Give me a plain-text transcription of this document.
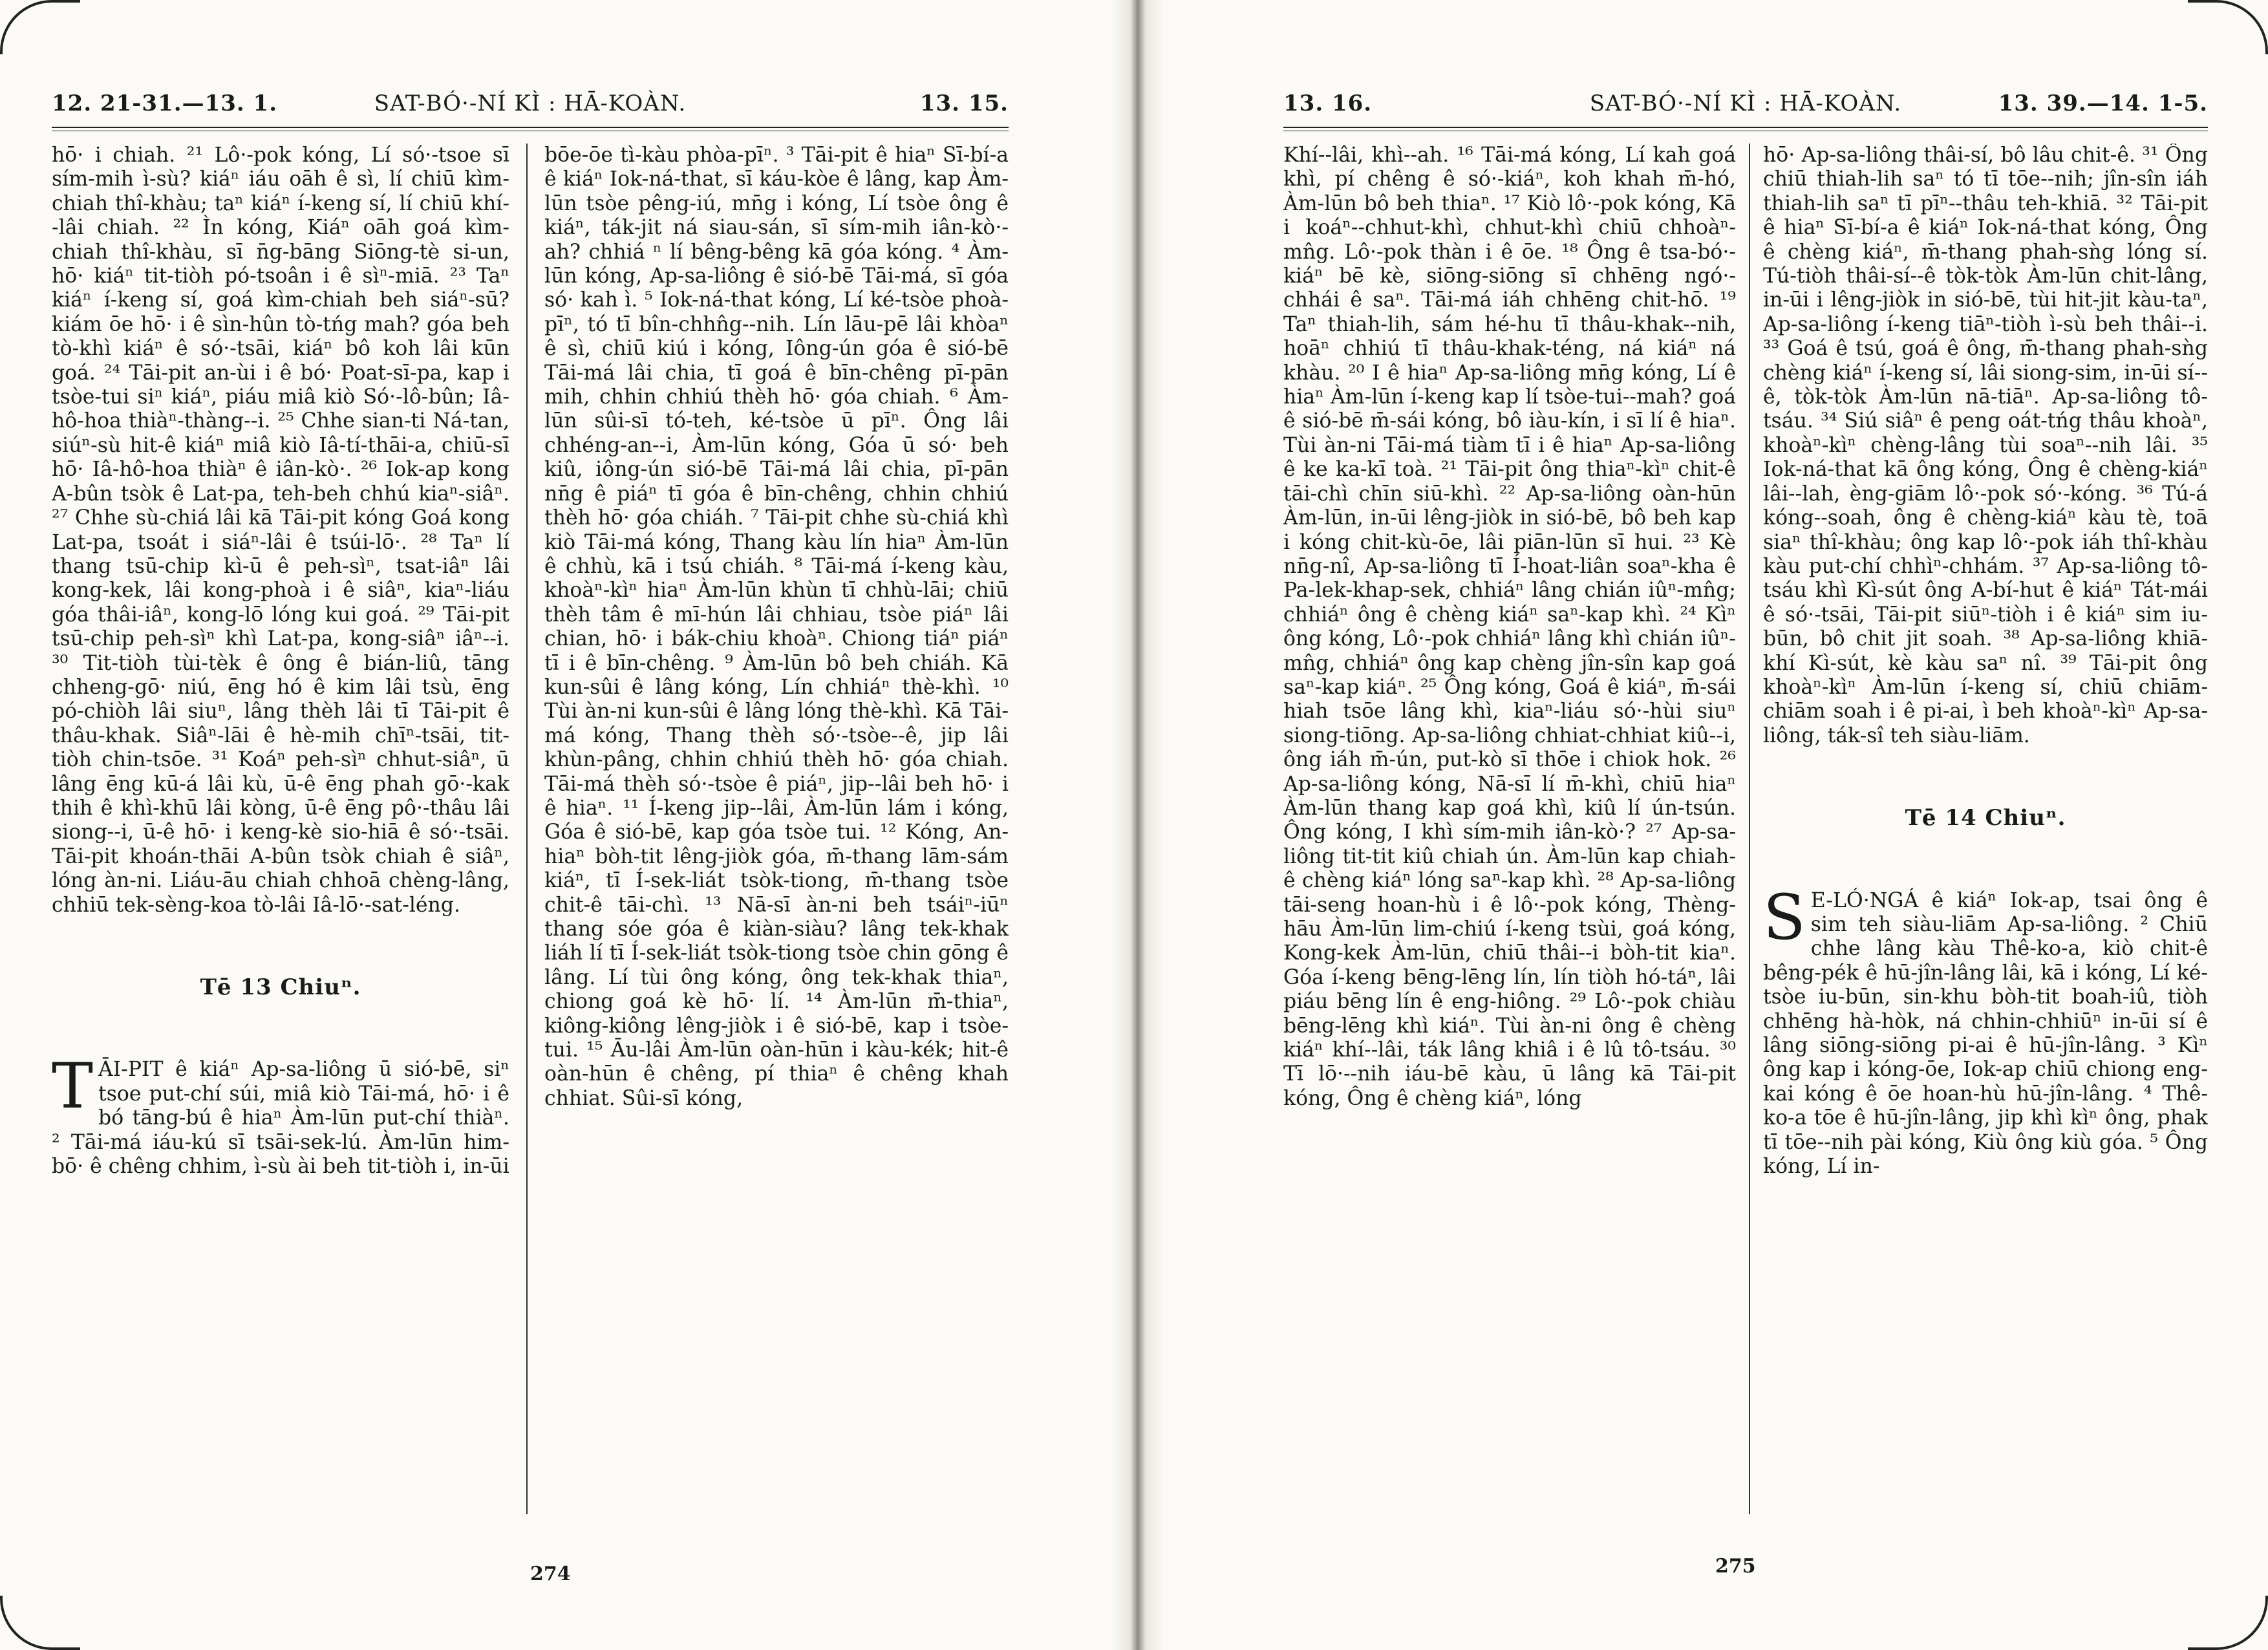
12. 21-31.—13. 1.	SAT-BÓ·-NÍ KÌ : HĀ-KOÀN.	13. 15.

hō· i chiah. ²¹ Lô·-pok kóng, Lí só·-tsoe sī sím-mih ì-sù? kiáⁿ iáu oāh ê sì, lí chiū kìm-chiah thî-khàu; taⁿ kiáⁿ í-keng sí, lí chiū khí--lâi chiah. ²² Ìn kóng, Kiáⁿ oāh goá kìm-chiah thî-khàu, sī n̄g-bāng Siōng-tè si-un, hō· kiáⁿ tit-tiòh pó-tsoân i ê sìⁿ-miā. ²³ Taⁿ kiáⁿ í-keng sí, goá kìm-chiah beh siáⁿ-sū? kiám ōe hō· i ê sìn-hûn tò-tńg mah? góa beh tò-khì kiáⁿ ê só·-tsāi, kiáⁿ bô koh lâi kūn goá. ²⁴ Tāi-pit an-ùi i ê bó· Poat-sī-pa, kap i tsòe-tui siⁿ kiáⁿ, piáu miâ kiò Só·-lô-bûn; Iâ-hô-hoa thiàⁿ-thàng--i. ²⁵ Chhe sian-ti Ná-tan, siúⁿ-sù hit-ê kiáⁿ miâ kiò Iâ-tí-thāi-a, chiū-sī hō· Iâ-hô-hoa thiàⁿ ê iân-kò·. ²⁶ Iok-ap kong A-bûn tsòk ê Lat-pa, teh-beh chhú kiaⁿ-siâⁿ. ²⁷ Chhe sù-chiá lâi kā Tāi-pit kóng Goá kong Lat-pa, tsoát i siáⁿ-lâi ê tsúi-lō·. ²⁸ Taⁿ lí thang tsū-chip kì-ū ê peh-sìⁿ, tsat-iâⁿ lâi kong-kek, lâi kong-phoà i ê siâⁿ, kiaⁿ-liáu góa thâi-iâⁿ, kong-lō lóng kui goá. ²⁹ Tāi-pit tsū-chip peh-sìⁿ khì Lat-pa, kong-siâⁿ iâⁿ--i. ³⁰ Tit-tiòh tùi-tèk ê ông ê bián-liû, tāng chheng-gō· niú, ēng hó ê kim lâi tsù, ēng pó-chiòh lâi siuⁿ, lâng thèh lâi tī Tāi-pit ê thâu-khak. Siâⁿ-lāi ê hè-mih chīⁿ-tsāi, tit-tiòh chin-tsōe. ³¹ Koáⁿ peh-sìⁿ chhut-siâⁿ, ū lâng ēng kū-á lâi kù, ū-ê ēng phah gō·-kak thih ê khì-khū lâi kòng, ū-ê ēng pô·-thâu lâi siong--i, ū-ê hō· i keng-kè sio-hiā ê só·-tsāi. Tāi-pit khoán-thāi A-bûn tsòk chiah ê siâⁿ, lóng àn-ni. Liáu-āu chiah chhoā chèng-lâng, chhiū tek-sèng-koa tò-lâi Iâ-lō·-sat-léng.

Tē 13 Chiuⁿ.

TĀI-PIT ê kiáⁿ Ap-sa-liông ū sió-bē, siⁿ tsoe put-chí súi, miâ kiò Tāi-má, hō· i ê bó tāng-bú ê hiaⁿ Àm-lūn put-chí thiàⁿ. ² Tāi-má iáu-kú sī tsāi-sek-lú. Àm-lūn him-bō· ê chêng chhim, ì-sù ài beh tit-tiòh i, in-ūi

bōe-ōe tì-kàu phòa-pīⁿ. ³ Tāi-pit ê hiaⁿ Sī-bí-a ê kiáⁿ Iok-ná-that, sī káu-kòe ê lâng, kap Àm-lūn tsòe pêng-iú, mn̄g i kóng, Lí tsòe ông ê kiáⁿ, ták-jit ná siau-sán, sī sím-mih iân-kò·-ah? chhiá ⁿ lí bêng-bêng kā góa kóng. ⁴ Àm-lūn kóng, Ap-sa-liông ê sió-bē Tāi-má, sī góa só· kah ì. ⁵ Iok-ná-that kóng, Lí ké-tsòe phoà-pīⁿ, tó tī bîn-chhn̂g--nih. Lín lāu-pē lâi khòaⁿ ê sì, chiū kiú i kóng, Iông-ún góa ê sió-bē Tāi-má lâi chia, tī goá ê bīn-chêng pī-pān mih, chhin chhiú thèh hō· góa chiah. ⁶ Àm-lūn sûi-sī tó-teh, ké-tsòe ū pīⁿ. Ông lâi chhéng-an--i, Àm-lūn kóng, Góa ū só· beh kiû, iông-ún sió-bē Tāi-má lâi chia, pī-pān nn̄g ê piáⁿ tī góa ê bīn-chêng, chhin chhiú thèh hō· góa chiáh. ⁷ Tāi-pit chhe sù-chiá khì kiò Tāi-má kóng, Thang kàu lín hiaⁿ Àm-lūn ê chhù, kā i tsú chiáh. ⁸ Tāi-má í-keng kàu, khoàⁿ-kìⁿ hiaⁿ Àm-lūn khùn tī chhù-lāi; chiū thèh tâm ê mī-hún lâi chhiau, tsòe piáⁿ lâi chian, hō· i bák-chiu khoàⁿ. Chiong tiáⁿ piáⁿ tī i ê bīn-chêng. ⁹ Àm-lūn bô beh chiáh. Kā kun-sûi ê lâng kóng, Lín chhiáⁿ thè-khì. ¹⁰ Tùi àn-ni kun-sûi ê lâng lóng thè-khì. Kā Tāi-má kóng, Thang thèh só·-tsòe--ê, jip lâi khùn-pâng, chhin chhiú thèh hō· góa chiah. Tāi-má thèh só·-tsòe ê piáⁿ, jip--lâi beh hō· i ê hiaⁿ. ¹¹ Í-keng jip--lâi, Àm-lūn lám i kóng, Góa ê sió-bē, kap góa tsòe tui. ¹² Kóng, An-hiaⁿ bòh-tit lêng-jiòk góa, m̄-thang lām-sám kiáⁿ, tī Í-sek-liát tsòk-tiong, m̄-thang tsòe chit-ê tāi-chì. ¹³ Nā-sī àn-ni beh tsáiⁿ-iūⁿ thang sóe góa ê kiàn-siàu? lâng tek-khak liáh lí tī Í-sek-liát tsòk-tiong tsòe chin gōng ê lâng. Lí tùi ông kóng, ông tek-khak thiaⁿ, chiong goá kè hō· lí. ¹⁴ Àm-lūn m̄-thiaⁿ, kiông-kiông lêng-jiòk i ê sió-bē, kap i tsòe-tui. ¹⁵ Āu-lâi Àm-lūn oàn-hūn i kàu-kék; hit-ê oàn-hūn ê chêng, pí thiaⁿ ê chêng khah chhiat. Sûi-sī kóng,

274
13. 16.	SAT-BÓ·-NÍ KÌ : HĀ-KOÀN.	13. 39.—14. 1-5.

Khí--lâi, khì--ah. ¹⁶ Tāi-má kóng, Lí kah goá khì, pí chêng ê só·-kiáⁿ, koh khah m̄-hó, Àm-lūn bô beh thiaⁿ. ¹⁷ Kiò lô·-pok kóng, Kā i koáⁿ--chhut-khì, chhut-khì chiū chhoàⁿ-mn̂g. Lô·-pok thàn i ê ōe. ¹⁸ Ông ê tsa-bó·-kiáⁿ bē kè, siōng-siōng sī chhēng ngó·-chhái ê saⁿ. Tāi-má iáh chhēng chit-hō. ¹⁹ Taⁿ thiah-lih, sám hé-hu tī thâu-khak--nih, hoāⁿ chhiú tī thâu-khak-téng, ná kiáⁿ ná khàu. ²⁰ I ê hiaⁿ Ap-sa-liông mn̄g kóng, Lí ê hiaⁿ Àm-lūn í-keng kap lí tsòe-tui--mah? goá ê sió-bē m̄-sái kóng, bô iàu-kín, i sī lí ê hiaⁿ. Tùi àn-ni Tāi-má tiàm tī i ê hiaⁿ Ap-sa-liông ê ke ka-kī toà. ²¹ Tāi-pit ông thiaⁿ-kìⁿ chit-ê tāi-chì chīn siū-khì. ²² Ap-sa-liông oàn-hūn Àm-lūn, in-ūi lêng-jiòk in sió-bē, bô beh kap i kóng chit-kù-ōe, lâi piān-lūn sī hui. ²³ Kè nn̄g-nî, Ap-sa-liông tī Í-hoat-liân soaⁿ-kha ê Pa-lek-khap-sek, chhiáⁿ lâng chián iûⁿ-mn̂g; chhiáⁿ ông ê chèng kiáⁿ saⁿ-kap khì. ²⁴ Kìⁿ ông kóng, Lô·-pok chhiáⁿ lâng khì chián iûⁿ-mn̂g, chhiáⁿ ông kap chèng jîn-sîn kap goá saⁿ-kap kiáⁿ. ²⁵ Ông kóng, Goá ê kiáⁿ, m̄-sái hiah tsōe lâng khì, kiaⁿ-liáu só·-hùi siuⁿ siong-tiōng. Ap-sa-liông chhiat-chhiat kiû--i, ông iáh m̄-ún, put-kò sī thōe i chiok hok. ²⁶ Ap-sa-liông kóng, Nā-sī lí m̄-khì, chiū hiaⁿ Àm-lūn thang kap goá khì, kiû lí ún-tsún. Ông kóng, I khì sím-mih iân-kò·? ²⁷ Ap-sa-liông tit-tit kiû chiah ún. Àm-lūn kap chiah-ê chèng kiáⁿ lóng saⁿ-kap khì. ²⁸ Ap-sa-liông tāi-seng hoan-hù i ê lô·-pok kóng, Thèng-hāu Àm-lūn lim-chiú í-keng tsùi, goá kóng, Kong-kek Àm-lūn, chiū thâi--i bòh-tit kiaⁿ. Góa í-keng bēng-lēng lín, lín tiòh hó-táⁿ, lâi piáu bēng lín ê eng-hiông. ²⁹ Lô·-pok chiàu bēng-lēng khì kiáⁿ. Tùi àn-ni ông ê chèng kiáⁿ khí--lâi, ták lâng khiâ i ê lû tô-tsáu. ³⁰ Tī lō·--nih iáu-bē kàu, ū lâng kā Tāi-pit kóng, Ông ê chèng kiáⁿ, lóng

hō· Ap-sa-liông thâi-sí, bô lâu chit-ê. ³¹ Ông chiū thiah-lih saⁿ tó tī tōe--nih; jîn-sîn iáh thiah-lih saⁿ tī pīⁿ--thâu teh-khiā. ³² Tāi-pit ê hiaⁿ Sī-bí-a ê kiáⁿ Iok-ná-that kóng, Ông ê chèng kiáⁿ, m̄-thang phah-sǹg lóng sí. Tú-tiòh thâi-sí--ê tòk-tòk Àm-lūn chit-lâng, in-ūi i lêng-jiòk in sió-bē, tùi hit-jit kàu-taⁿ, Ap-sa-liông í-keng tiāⁿ-tiòh ì-sù beh thâi--i. ³³ Goá ê tsú, goá ê ông, m̄-thang phah-sǹg chèng kiáⁿ í-keng sí, lâi siong-sim, in-ūi sí--ê, tòk-tòk Àm-lūn nā-tiāⁿ. Ap-sa-liông tô-tsáu. ³⁴ Siú siâⁿ ê peng oát-tńg thâu khoàⁿ, khoàⁿ-kìⁿ chèng-lâng tùi soaⁿ--nih lâi. ³⁵ Iok-ná-that kā ông kóng, Ông ê chèng-kiáⁿ lâi--lah, èng-giām lô·-pok só·-kóng. ³⁶ Tú-á kóng--soah, ông ê chèng-kiáⁿ kàu tè, toā siaⁿ thî-khàu; ông kap lô·-pok iáh thî-khàu kàu put-chí chhìⁿ-chhám. ³⁷ Ap-sa-liông tô-tsáu khì Kì-sút ông A-bí-hut ê kiáⁿ Tát-mái ê só·-tsāi, Tāi-pit siūⁿ-tiòh i ê kiáⁿ sim iu-būn, bô chit jit soah. ³⁸ Ap-sa-liông khiā-khí Kì-sút, kè kàu saⁿ nî. ³⁹ Tāi-pit ông khoàⁿ-kìⁿ Àm-lūn í-keng sí, chiū chiām-chiām soah i ê pi-ai, ì beh khoàⁿ-kìⁿ Ap-sa-liông, ták-sî teh siàu-liām.

Tē 14 Chiuⁿ.

S E-LÓ·NGÁ ê kiáⁿ Iok-ap, tsai ông ê sim teh siàu-liām Ap-sa-liông. ² Chiū chhe lâng kàu Thê-ko-a, kiò chit-ê bêng-pék ê hū-jîn-lâng lâi, kā i kóng, Lí ké-tsòe iu-būn, sin-khu bòh-tit boah-iû, tiòh chhēng hà-hòk, ná chhin-chhiūⁿ in-ūi sí ê lâng siōng-siōng pi-ai ê hū-jîn-lâng. ³ Kìⁿ ông kap i kóng-ōe, Iok-ap chiū chiong eng-kai kóng ê ōe hoan-hù hū-jîn-lâng. ⁴ Thê-ko-a tōe ê hū-jîn-lâng, jip khì kìⁿ ông, phak tī tōe--nih pài kóng, Kiù ông kiù góa. ⁵ Ông kóng, Lí in-

275
